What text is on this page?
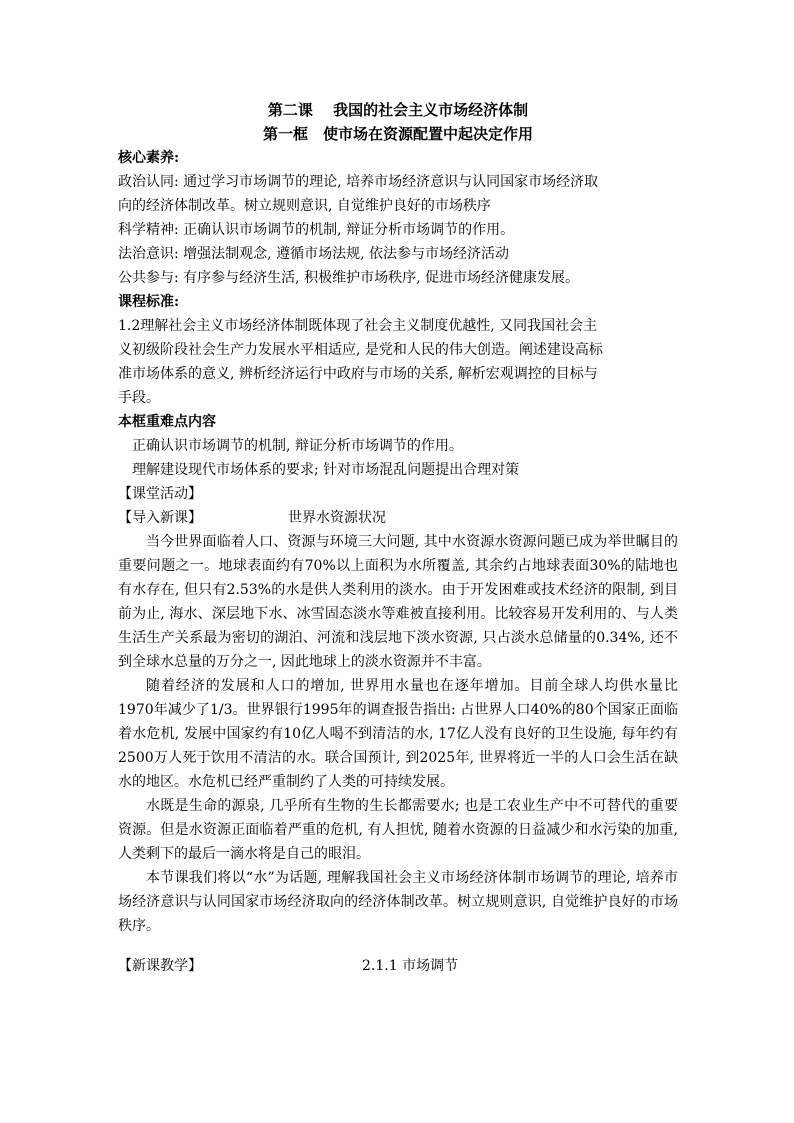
第二课　 我国的社会主义市场经济体制
第一框　使市场在资源配置中起决定作用
核心素养:
政治认同: 通过学习市场调节的理论, 培养市场经济意识与认同国家市场经济取
向的经济体制改革。树立规则意识, 自觉维护良好的市场秩序
科学精神: 正确认识市场调节的机制, 辩证分析市场调节的作用。
法治意识: 增强法制观念, 遵循市场法规, 依法参与市场经济活动
公共参与: 有序参与经济生活, 积极维护市场秩序, 促进市场经济健康发展。
课程标准:
1.2理解社会主义市场经济体制既体现了社会主义制度优越性, 又同我国社会主
义初级阶段社会生产力发展水平相适应, 是党和人民的伟大创造。阐述建设高标
准市场体系的意义, 辨析经济运行中政府与市场的关系, 解析宏观调控的目标与
手段。
本框重难点内容
正确认识市场调节的机制, 辩证分析市场调节的作用。
理解建设现代市场体系的要求; 针对市场混乱问题提出合理对策
【课堂活动】
【导入新课】	世界水资源状况
当今世界面临着人口、资源与环境三大问题, 其中水资源水资源问题已成为举世瞩目的重要问题之一。地球表面约有70%以上面积为水所覆盖, 其余约占地球表面30%的陆地也有水存在, 但只有2.53%的水是供人类利用的淡水。由于开发困难或技术经济的限制, 到目前为止, 海水、深层地下水、冰雪固态淡水等难被直接利用。比较容易开发利用的、与人类生活生产关系最为密切的湖泊、河流和浅层地下淡水资源, 只占淡水总储量的0.34%, 还不到全球水总量的万分之一, 因此地球上的淡水资源并不丰富。
随着经济的发展和人口的增加, 世界用水量也在逐年增加。目前全球人均供水量比1970年减少了1/3。世界银行1995年的调查报告指出: 占世界人口40%的80个国家正面临着水危机, 发展中国家约有10亿人喝不到清洁的水, 17亿人没有良好的卫生设施, 每年约有2500万人死于饮用不清洁的水。联合国预计, 到2025年, 世界将近一半的人口会生活在缺水的地区。水危机已经严重制约了人类的可持续发展。
水既是生命的源泉, 几乎所有生物的生长都需要水; 也是工农业生产中不可替代的重要资源。但是水资源正面临着严重的危机, 有人担忧, 随着水资源的日益减少和水污染的加重, 人类剩下的最后一滴水将是自己的眼泪。
本节课我们将以“水”为话题, 理解我国社会主义市场经济体制市场调节的理论, 培养市场经济意识与认同国家市场经济取向的经济体制改革。树立规则意识, 自觉维护良好的市场秩序。
【新课教学】	2.1.1 市场调节
